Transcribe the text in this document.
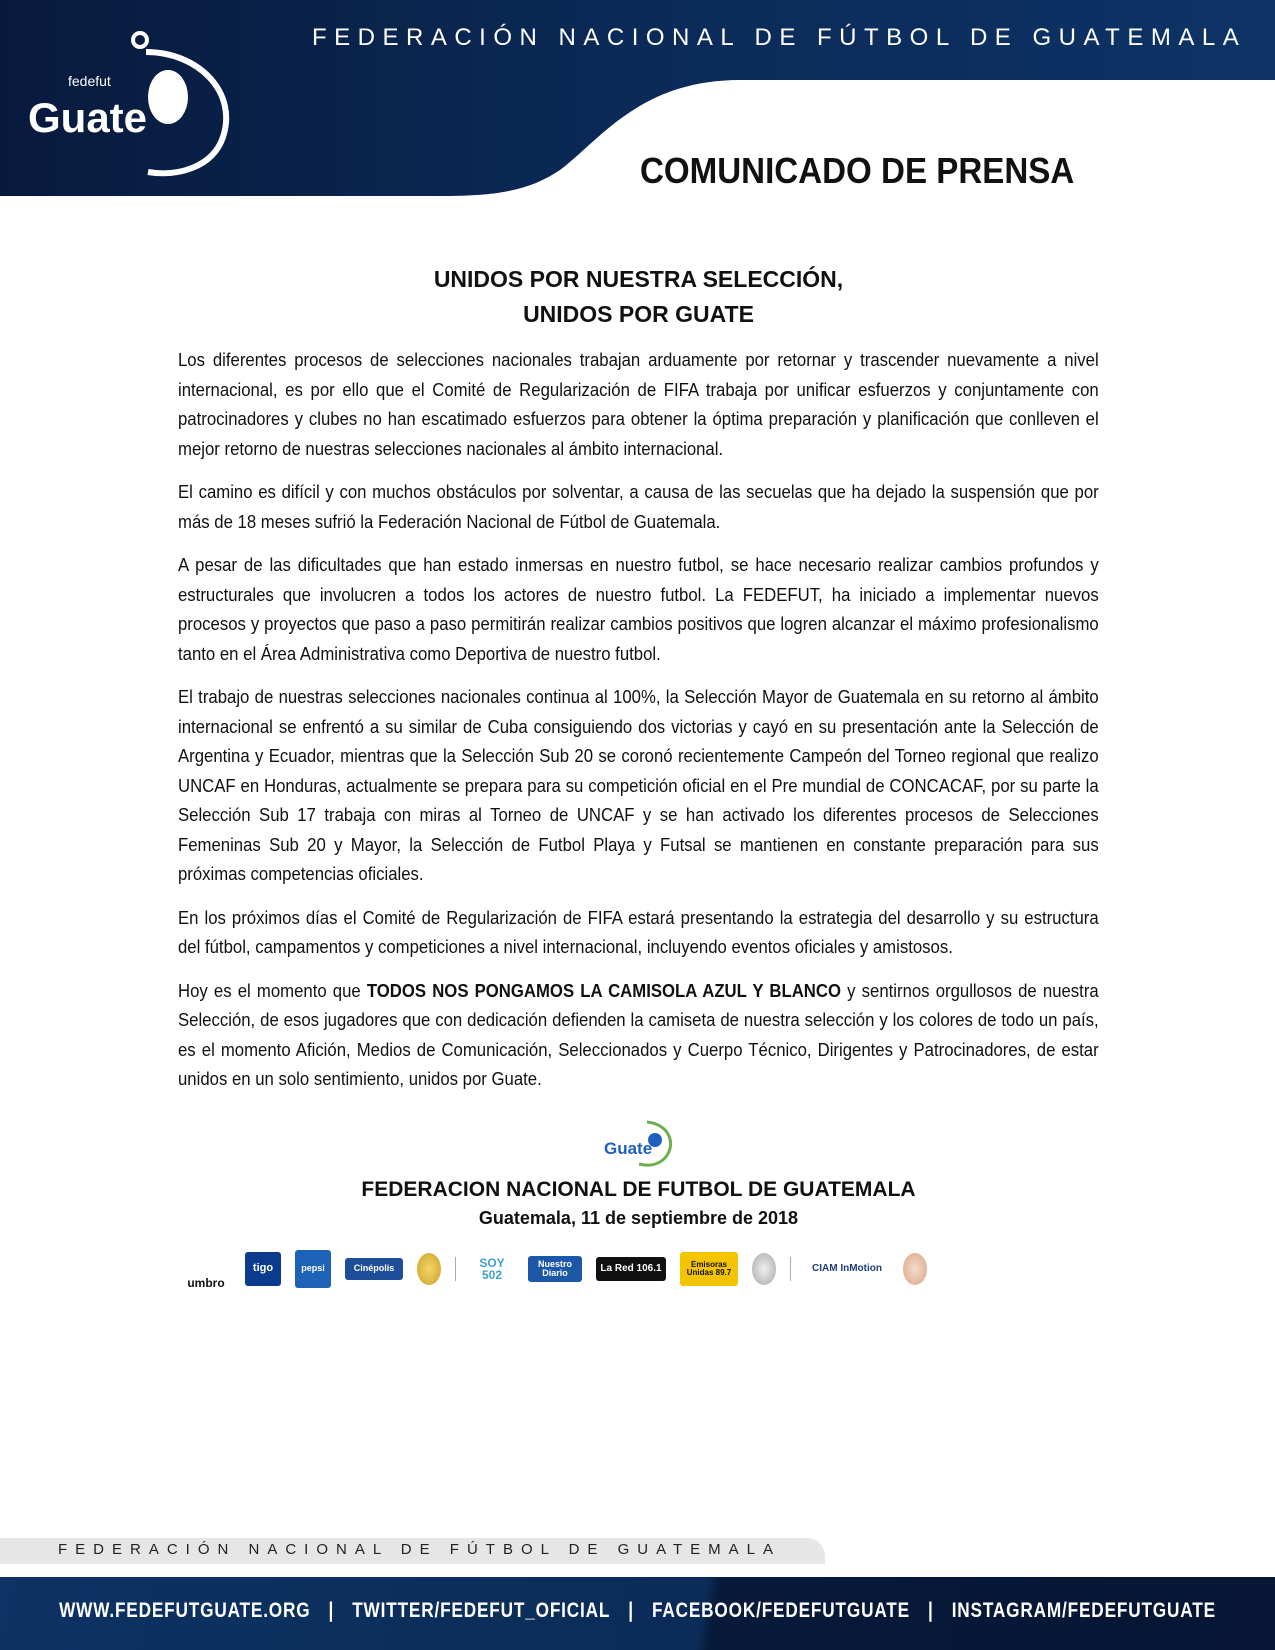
fedefut
Guate
FEDERACIÓN NACIONAL DE FÚTBOL DE GUATEMALA
COMUNICADO DE PRENSA
UNIDOS POR NUESTRA SELECCIÓN,
UNIDOS POR GUATE

Los diferentes procesos de selecciones nacionales trabajan arduamente por retornar y trascender nuevamente a nivel internacional, es por ello que el Comité de Regularización de FIFA trabaja por unificar esfuerzos y conjuntamente con patrocinadores y clubes no han escatimado esfuerzos para obtener la óptima preparación y planificación que conlleven el mejor retorno de nuestras selecciones nacionales al ámbito internacional.

El camino es difícil y con muchos obstáculos por solventar, a causa de las secuelas que ha dejado la suspensión que por más de 18 meses sufrió la Federación Nacional de Fútbol de Guatemala.

A pesar de las dificultades que han estado inmersas en nuestro futbol, se hace necesario realizar cambios profundos y estructurales que involucren a todos los actores de nuestro futbol. La FEDEFUT, ha iniciado a implementar nuevos procesos y proyectos que paso a paso permitirán realizar cambios positivos que logren alcanzar el máximo profesionalismo tanto en el Área Administrativa como Deportiva de nuestro futbol.

El trabajo de nuestras selecciones nacionales continua al 100%, la Selección Mayor de Guatemala en su retorno al ámbito internacional se enfrentó a su similar de Cuba consiguiendo dos victorias y cayó en su presentación ante la Selección de Argentina y Ecuador, mientras que la Selección Sub 20 se coronó recientemente Campeón del Torneo regional que realizo UNCAF en Honduras, actualmente se prepara para su competición oficial en el Pre mundial de CONCACAF, por su parte la Selección Sub 17 trabaja con miras al Torneo de UNCAF y se han activado los diferentes procesos de Selecciones Femeninas Sub 20 y Mayor, la Selección de Futbol Playa y Futsal se mantienen en constante preparación para sus próximas competencias oficiales.

En los próximos días el Comité de Regularización de FIFA estará presentando la estrategia del desarrollo y su estructura del fútbol, campamentos y competiciones a nivel internacional, incluyendo eventos oficiales y amistosos.

Hoy es el momento que TODOS NOS PONGAMOS LA CAMISOLA AZUL Y BLANCO y sentirnos orgullosos de nuestra Selección, de esos jugadores que con dedicación defienden la camiseta de nuestra selección y los colores de todo un país, es el momento Afición, Medios de Comunicación, Seleccionados y Cuerpo Técnico, Dirigentes y Patrocinadores, de estar unidos en un solo sentimiento, unidos por Guate.

Guate
FEDERACION NACIONAL DE FUTBOL DE GUATEMALA
Guatemala, 11 de septiembre de 2018
umbro
tigo	pepsi	Cinépolis	SOY 502
Nuestro Diario	La Red 106.1	Emisoras Unidas 89.7	CIAM InMotion
FEDERACIÓN NACIONAL DE FÚTBOL DE GUATEMALA
WWW.FEDEFUTGUATE.ORG | TWITTER/FEDEFUT_OFICIAL | FACEBOOK/FEDEFUTGUATE | INSTAGRAM/FEDEFUTGUATE
